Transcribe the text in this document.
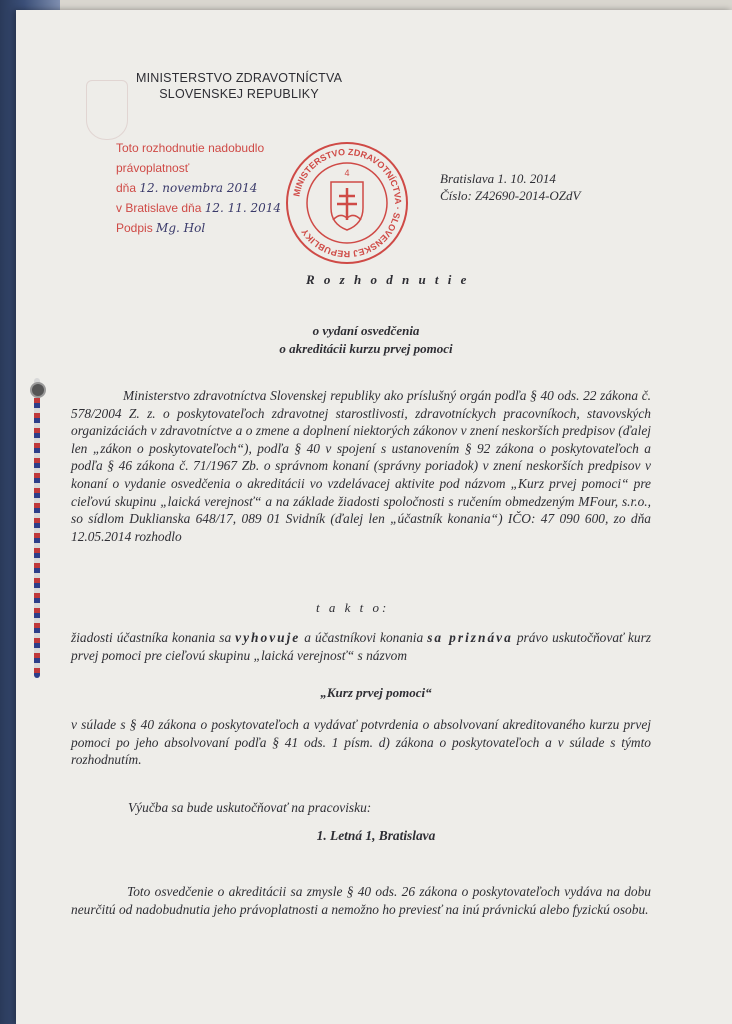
MINISTERSTVO ZDRAVOTNÍCTVA
SLOVENSKEJ REPUBLIKY
Toto rozhodnutie nadobudlo
právoplatnosť
dňa 12. novembra 2014
v Bratislave dňa 12. 11. 2014
Podpis Mg. Hol
MINISTERSTVO ZDRAVOTNÍCTVA · SLOVENSKEJ REPUBLIKY
4	Bratislava 1. 10. 2014
Číslo: Z42690-2014-OZdV
R o z h o d n u t i e
o vydaní osvedčenia
o akreditácii kurzu prvej pomoci

Ministerstvo zdravotníctva Slovenskej republiky ako príslušný orgán podľa § 40 ods. 22 zákona č. 578/2004 Z. z. o poskytovateľoch zdravotnej starostlivosti, zdravotníckych pracovníkoch, stavovských organizáciách v zdravotníctve a o zmene a doplnení niektorých zákonov v znení neskorších predpisov (ďalej len „zákon o poskytovateľoch“), podľa § 40 v spojení s ustanovením § 92 zákona o poskytovateľoch a podľa § 46 zákona č. 71/1967 Zb. o správnom konaní (správny poriadok) v znení neskorších predpisov v konaní o vydanie osvedčenia o akreditácii vo vzdelávacej aktivite pod názvom „Kurz prvej pomoci“ pre cieľovú skupinu „laická verejnosť“ a na základe žiadosti spoločnosti s ručením obmedzeným MFour, s.r.o., so sídlom Duklianska 648/17, 089 01 Svidník (ďalej len „účastník konania“) IČO: 47 090 600, zo dňa 12.05.2014 rozhodlo

t a k t o:

žiadosti účastníka konania sa vyhovuje a účastníkovi konania sa priznáva právo uskutočňovať kurz prvej pomoci pre cieľovú skupinu „laická verejnosť“ s názvom

„Kurz prvej pomoci“

v súlade s § 40 zákona o poskytovateľoch a vydávať potvrdenia o absolvovaní akreditovaného kurzu prvej pomoci po jeho absolvovaní podľa § 41 ods. 1 písm. d) zákona o poskytovateľoch a v súlade s týmto rozhodnutím.

Výučba sa bude uskutočňovať na pracovisku:
1. Letná 1, Bratislava

Toto osvedčenie o akreditácii sa zmysle § 40 ods. 26 zákona o poskytovateľoch vydáva na dobu neurčitú od nadobudnutia jeho právoplatnosti a nemožno ho previesť na inú právnickú alebo fyzickú osobu.
